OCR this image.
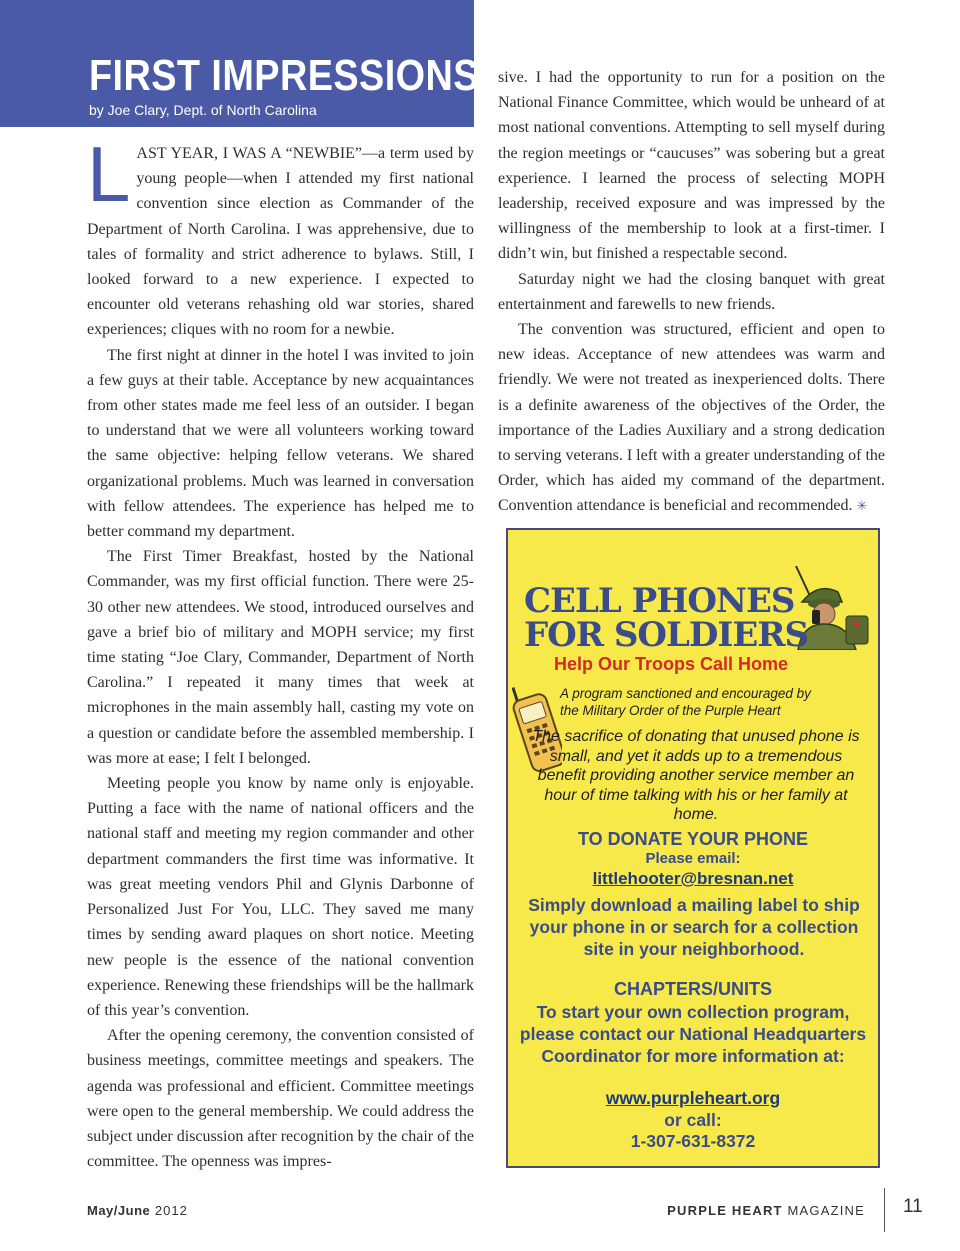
FIRST IMPRESSIONS
by Joe Clary, Dept. of North Carolina

LAST YEAR, I WAS A “NEWBIE”—a term used by young people—when I attended my first national convention since election as Commander of the Department of North Carolina. I was apprehensive, due to tales of formality and strict adherence to bylaws. Still, I looked forward to a new experience. I expected to encounter old veterans rehashing old war stories, shared experiences; cliques with no room for a newbie.

The first night at dinner in the hotel I was invited to join a few guys at their table. Acceptance by new acquaintances from other states made me feel less of an outsider. I began to understand that we were all volunteers working toward the same objective: helping fellow veterans. We shared organizational problems. Much was learned in conversation with fellow attendees. The experience has helped me to better command my department.

The First Timer Breakfast, hosted by the National Commander, was my first official function. There were 25-30 other new attendees. We stood, introduced ourselves and gave a brief bio of military and MOPH service; my first time stating “Joe Clary, Commander, Department of North Carolina.” I repeated it many times that week at microphones in the main assembly hall, casting my vote on a question or candidate before the assembled membership. I was more at ease; I felt I belonged.

Meeting people you know by name only is enjoyable. Putting a face with the name of national officers and the national staff and meeting my region commander and other department commanders the first time was informative. It was great meeting vendors Phil and Glynis Darbonne of Personalized Just For You, LLC. They saved me many times by sending award plaques on short notice. Meeting new people is the essence of the national convention experience. Renewing these friendships will be the hallmark of this year’s convention.

After the opening ceremony, the convention consisted of business meetings, committee meetings and speakers. The agenda was professional and efficient. Committee meetings were open to the general membership. We could address the subject under discussion after recognition by the chair of the committee. The openness was impres-

sive. I had the opportunity to run for a position on the National Finance Committee, which would be unheard of at most national conventions. Attempting to sell myself during the region meetings or “caucuses” was sobering but a great experience. I learned the process of selecting MOPH leadership, received exposure and was impressed by the willingness of the membership to look at a first-timer. I didn’t win, but finished a respectable second.

Saturday night we had the closing banquet with great entertainment and farewells to new friends.

The convention was structured, efficient and open to new ideas. Acceptance of new attendees was warm and friendly. We were not treated as inexperienced dolts. There is a definite awareness of the objectives of the Order, the importance of the Ladies Auxiliary and a strong dedication to serving veterans. I left with a greater understanding of the Order, which has aided my command of the department. Convention attendance is beneficial and recommended. ✳

CELL PHONES
FOR SOLDIERS
Help Our Troops Call Home
A program sanctioned and encouraged by the Military Order of the Purple Heart
The sacrifice of donating that unused phone is small, and yet it adds up to a tremendous benefit providing another service member an hour of time talking with his or her family at home.
TO DONATE YOUR PHONE
Please email:
littlehooter@bresnan.net
Simply download a mailing label to ship your phone in or search for a collection site in your neighborhood.
CHAPTERS/UNITS
To start your own collection program, please contact our National Headquarters Coordinator for more information at:
www.purpleheart.org
or call:
1-307-631-8372
May/June 2012	PURPLE HEART MAGAZINE 11
